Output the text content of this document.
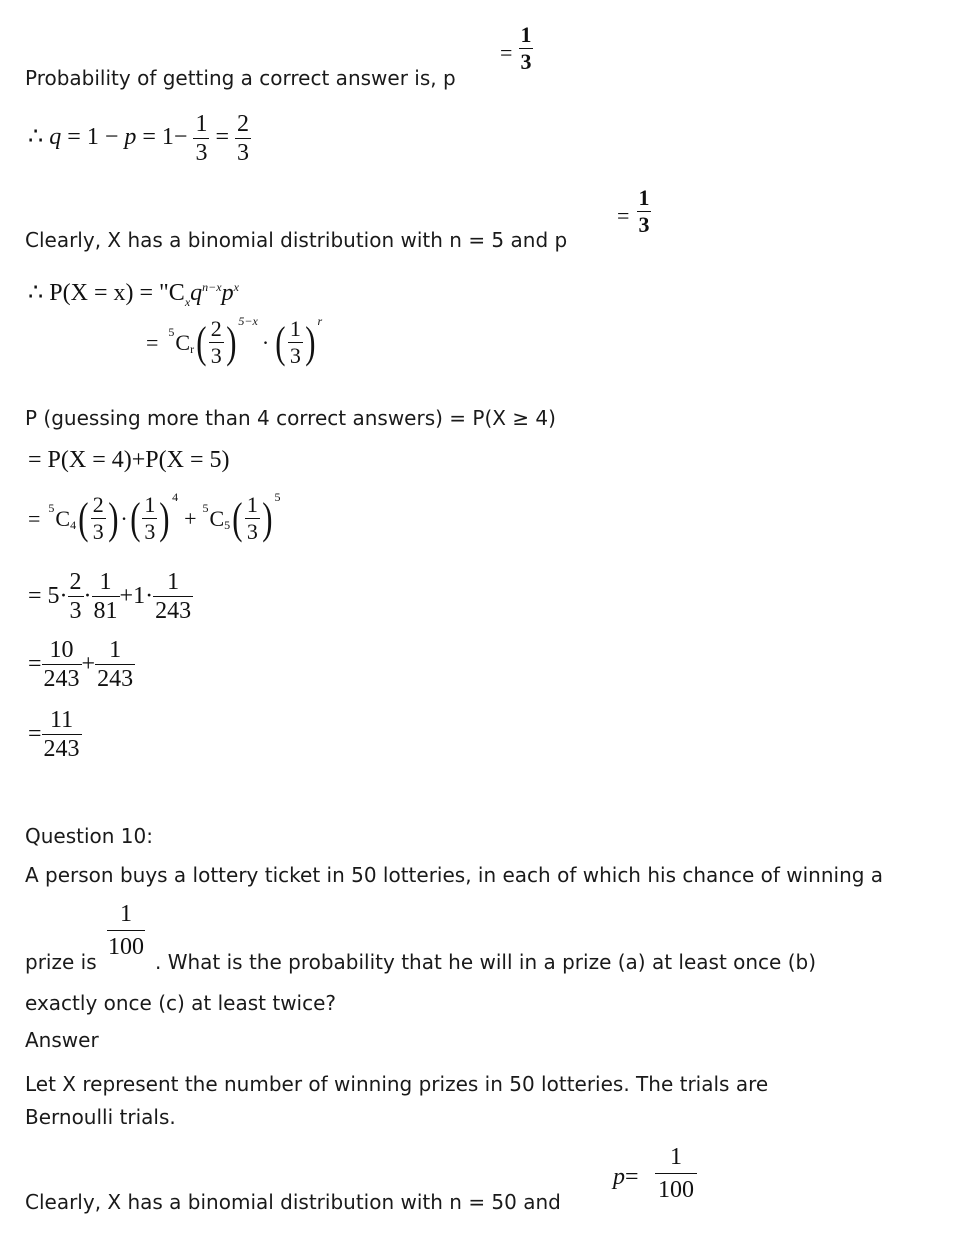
Probability of getting a correct answer is, p
=
1
3
∴ $q = 1 - p = 1- \frac{1}{3} = \frac{2}{3}$
Clearly, X has a binomial distribution with n = 5 and p
=
1
3
∴ $P(X = x) = "C_xq^{n-x}p^x$
= 5 $C_r$ ( $\frac{2}{3} )^{5-x}$
· ( $\frac{1}{3} )^r$
P (guessing more than 4 correct answers) = P(X ≥ 4)
= P(X = 4)+P(X = 5)
= 5 $C_4$ ( $\frac{2}{3}$ ) · ( $\frac{1}{3} )^4$
+ 5 $C_5$ ( $\frac{1}{3} )^5$
= $5\cdot \frac{2}{3} \cdot \frac{1}{81} +1\cdot \frac{1}{243}$
= $\frac{10}{243} + \frac{1}{243}$
= $\frac{11}{243}$
Question 10:
A person buys a lottery ticket in 50 lotteries, in each of which his chance of winning a
prize is
1
100
. What is the probability that he will in a prize (a) at least once (b)
exactly once (c) at least twice?
Answer
Let X represent the number of winning prizes in 50 lotteries. The trials are
Bernoulli trials.
Clearly, X has a binomial distribution with n = 50 and
p=
1
100
